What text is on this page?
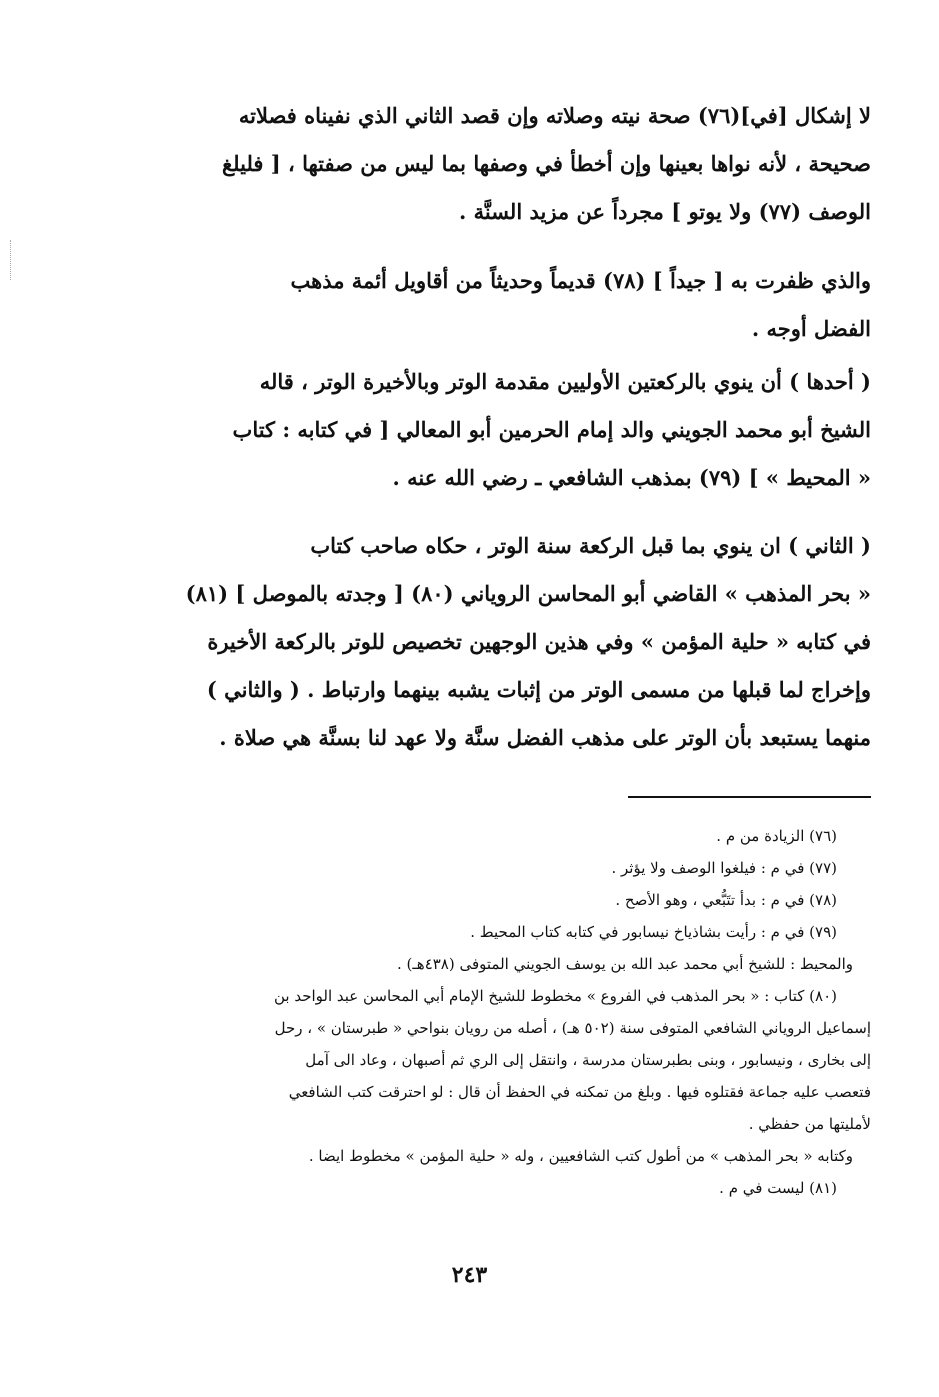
لا إشكال [في](٧٦) صحة نيته وصلاته وإن قصد الثاني الذي نفيناه فصلاته
صحيحة ، لأنه نواها بعينها وإن أخطأ في وصفها بما ليس من صفتها ، [ فليلغ
الوصف (٧٧) ولا يوتو ] مجرداً عن مزيد السنَّة .
والذي ظفرت به [ جيداً ] (٧٨) قديماً وحديثاً من أقاويل أئمة مذهب
الفضل أوجه .
( أحدها ) أن ينوي بالركعتين الأوليين مقدمة الوتر وبالأخيرة الوتر ، قاله
الشيخ أبو محمد الجويني والد إمام الحرمين أبو المعالي [ في كتابه : كتاب
« المحيط » ] (٧٩) بمذهب الشافعي ـ رضي الله عنه .
( الثاني ) ان ينوي بما قبل الركعة سنة الوتر ، حكاه صاحب كتاب
« بحر المذهب » القاضي أبو المحاسن الروياني (٨٠) [ وجدته بالموصل ] (٨١)
في كتابه « حلية المؤمن » وفي هذين الوجهين تخصيص للوتر بالركعة الأخيرة
وإخراج لما قبلها من مسمى الوتر من إثبات يشبه بينهما وارتباط . ( والثاني )
منهما يستبعد بأن الوتر على مذهب الفضل سنَّة ولا عهد لنا بسنَّة هي صلاة .
(٧٦) الزيادة من م .
(٧٧) في م : فيلغوا الوصف ولا يؤثر .
(٧٨) في م : بدأ تتَبُّعي ، وهو الأصح .
(٧٩) في م : رأيت بشاذياخ نيسابور في كتابه كتاب المحيط .
والمحيط : للشيخ أبي محمد عبد الله بن يوسف الجويني المتوفى (٤٣٨هـ) .
(٨٠) كتاب : « بحر المذهب في الفروع » مخطوط للشيخ الإمام أبي المحاسن عبد الواحد بن
إسماعيل الروياني الشافعي المتوفى سنة (٥٠٢ هـ) ، أصله من رويان بنواحي « طبرستان » ، رحل
إلى بخارى ، ونيسابور ، وبنى بطبرستان مدرسة ، وانتقل إلى الري ثم أصبهان ، وعاد الى آمل
فتعصب عليه جماعة فقتلوه فيها . وبلغ من تمكنه في الحفظ أن قال : لو احترقت كتب الشافعي
لأمليتها من حفظي .
وكتابه « بحر المذهب » من أطول كتب الشافعيين ، وله « حلية المؤمن » مخطوط ايضا .
(٨١) ليست في م .
٢٤٣
